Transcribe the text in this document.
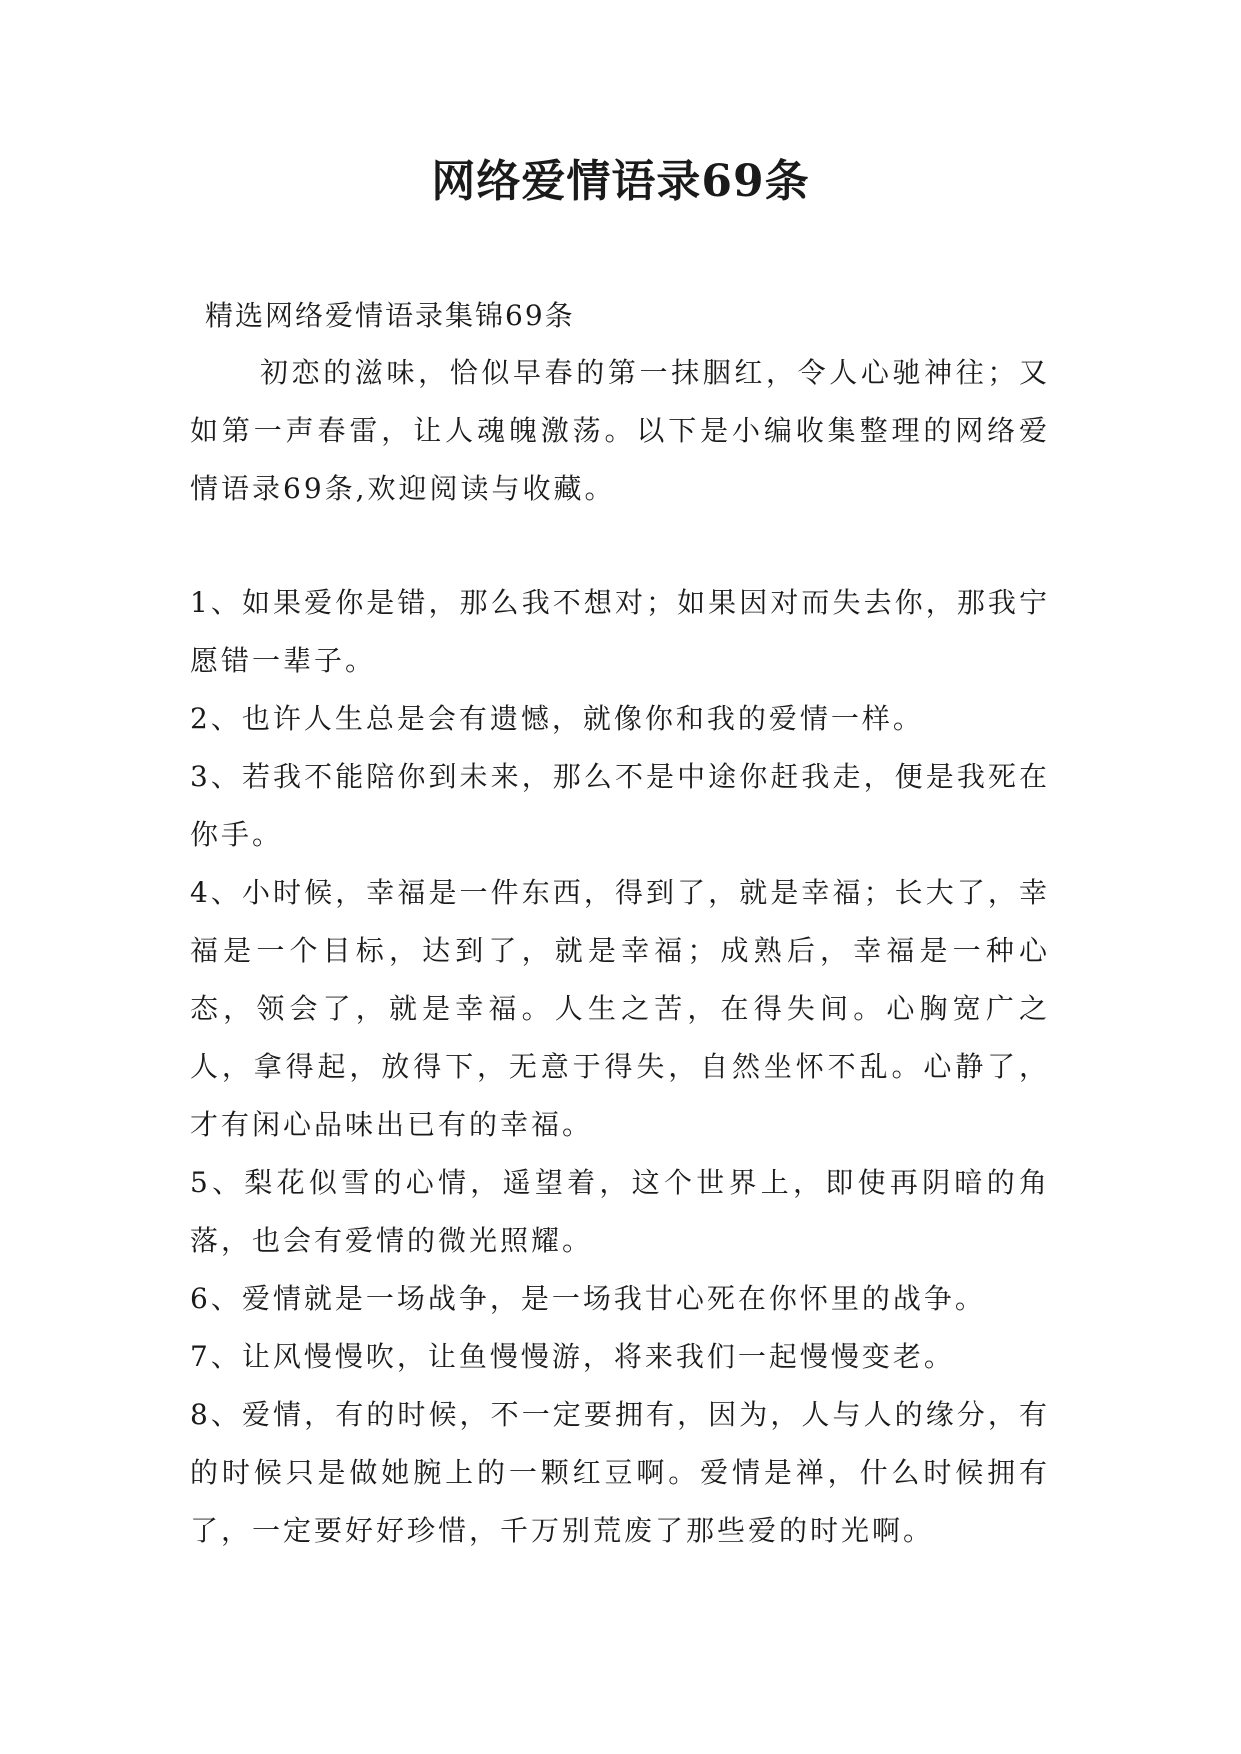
网络爱情语录69条

精选网络爱情语录集锦69条

初恋的滋味，恰似早春的第一抹胭红，令人心驰神往；又如第一声春雷，让人魂魄激荡。以下是小编收集整理的网络爱情语录69条,欢迎阅读与收藏。

1、如果爱你是错，那么我不想对；如果因对而失去你，那我宁愿错一辈子。
2、也许人生总是会有遗憾，就像你和我的爱情一样。
3、若我不能陪你到未来，那么不是中途你赶我走，便是我死在你手。
4、小时候，幸福是一件东西，得到了，就是幸福；长大了，幸福是一个目标，达到了，就是幸福；成熟后，幸福是一种心态，领会了，就是幸福。人生之苦，在得失间。心胸宽广之人，拿得起，放得下，无意于得失，自然坐怀不乱。心静了，才有闲心品味出已有的幸福。
5、梨花似雪的心情，遥望着，这个世界上，即使再阴暗的角落，也会有爱情的微光照耀。
6、爱情就是一场战争，是一场我甘心死在你怀里的战争。
7、让风慢慢吹，让鱼慢慢游，将来我们一起慢慢变老。
8、爱情，有的时候，不一定要拥有，因为，人与人的缘分，有的时候只是做她腕上的一颗红豆啊。爱情是禅，什么时候拥有了，一定要好好珍惜，千万别荒废了那些爱的时光啊。
